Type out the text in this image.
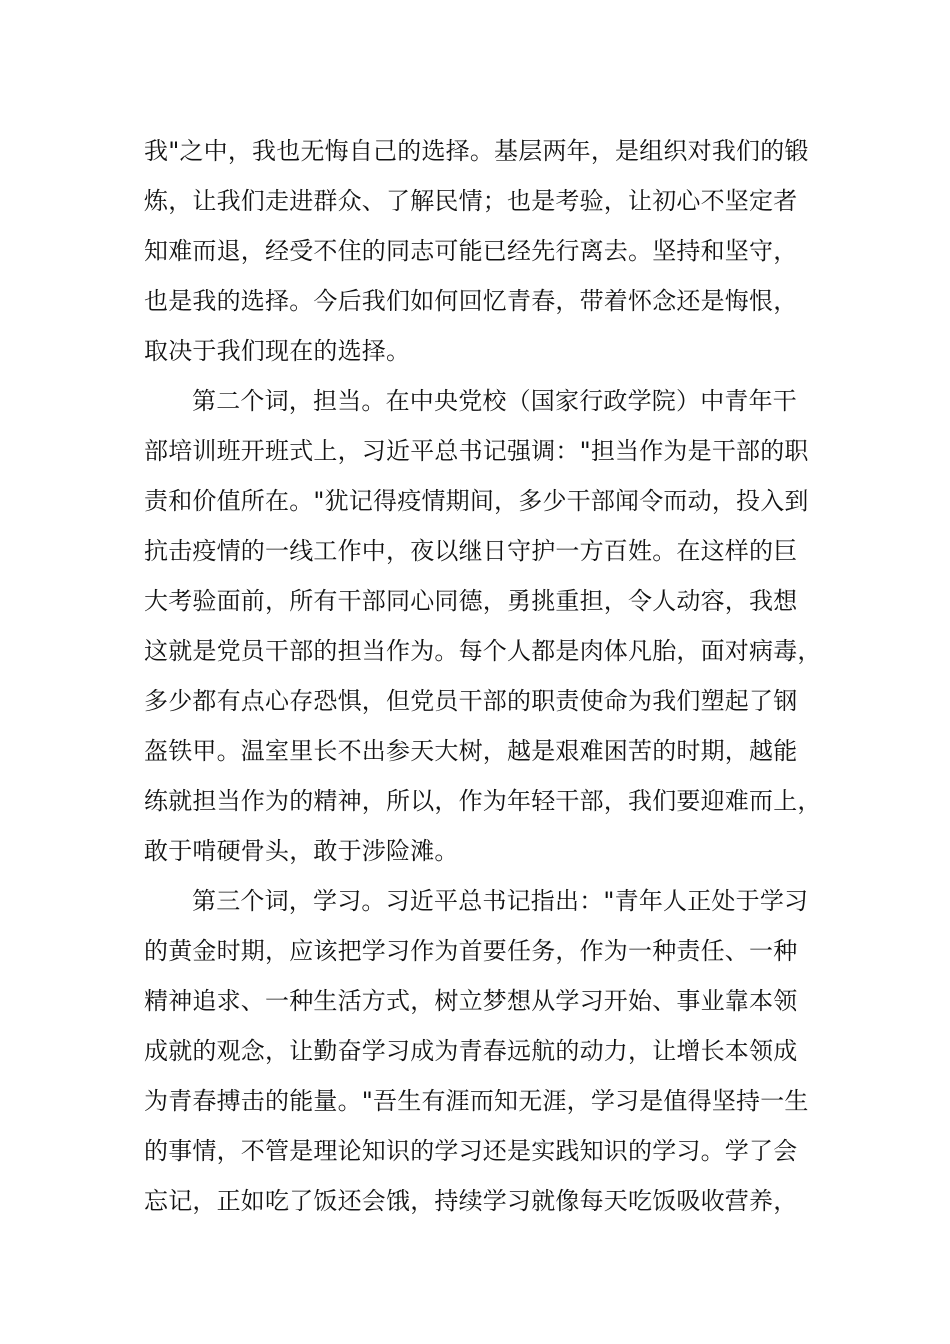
我"之中，我也无悔自己的选择。基层两年，是组织对我们的锻
炼，让我们走进群众、了解民情；也是考验，让初心不坚定者
知难而退，经受不住的同志可能已经先行离去。坚持和坚守，
也是我的选择。今后我们如何回忆青春，带着怀念还是悔恨，
取决于我们现在的选择。
第二个词，担当。在中央党校（国家行政学院）中青年干
部培训班开班式上，习近平总书记强调："担当作为是干部的职
责和价值所在。"犹记得疫情期间，多少干部闻令而动，投入到
抗击疫情的一线工作中，夜以继日守护一方百姓。在这样的巨
大考验面前，所有干部同心同德，勇挑重担，令人动容，我想
这就是党员干部的担当作为。每个人都是肉体凡胎，面对病毒，
多少都有点心存恐惧，但党员干部的职责使命为我们塑起了钢
盔铁甲。温室里长不出参天大树，越是艰难困苦的时期，越能
练就担当作为的精神，所以，作为年轻干部，我们要迎难而上，
敢于啃硬骨头，敢于涉险滩。
第三个词，学习。习近平总书记指出："青年人正处于学习
的黄金时期，应该把学习作为首要任务，作为一种责任、一种
精神追求、一种生活方式，树立梦想从学习开始、事业靠本领
成就的观念，让勤奋学习成为青春远航的动力，让增长本领成
为青春搏击的能量。"吾生有涯而知无涯，学习是值得坚持一生
的事情，不管是理论知识的学习还是实践知识的学习。学了会
忘记，正如吃了饭还会饿，持续学习就像每天吃饭吸收营养，
